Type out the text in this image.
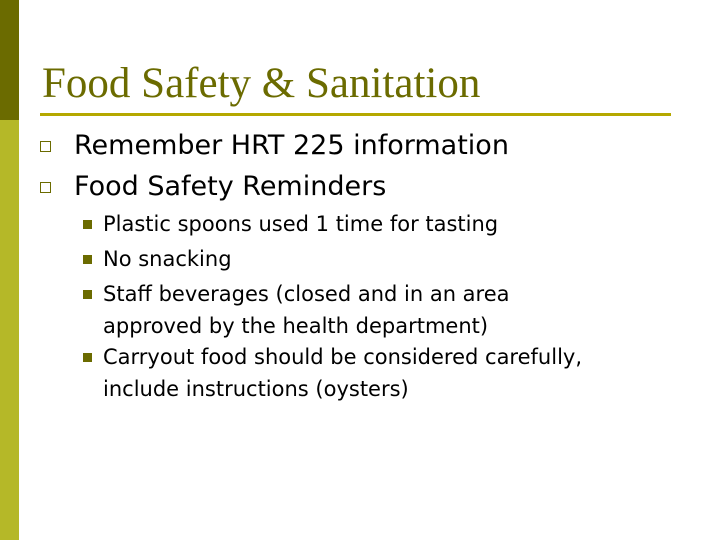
Food Safety & Sanitation
Remember HRT 225 information
Food Safety Reminders
Plastic spoons used 1 time for tasting
No snacking
Staff beverages (closed and in an area
approved by the health department)
Carryout food should be considered carefully,
include instructions (oysters)
